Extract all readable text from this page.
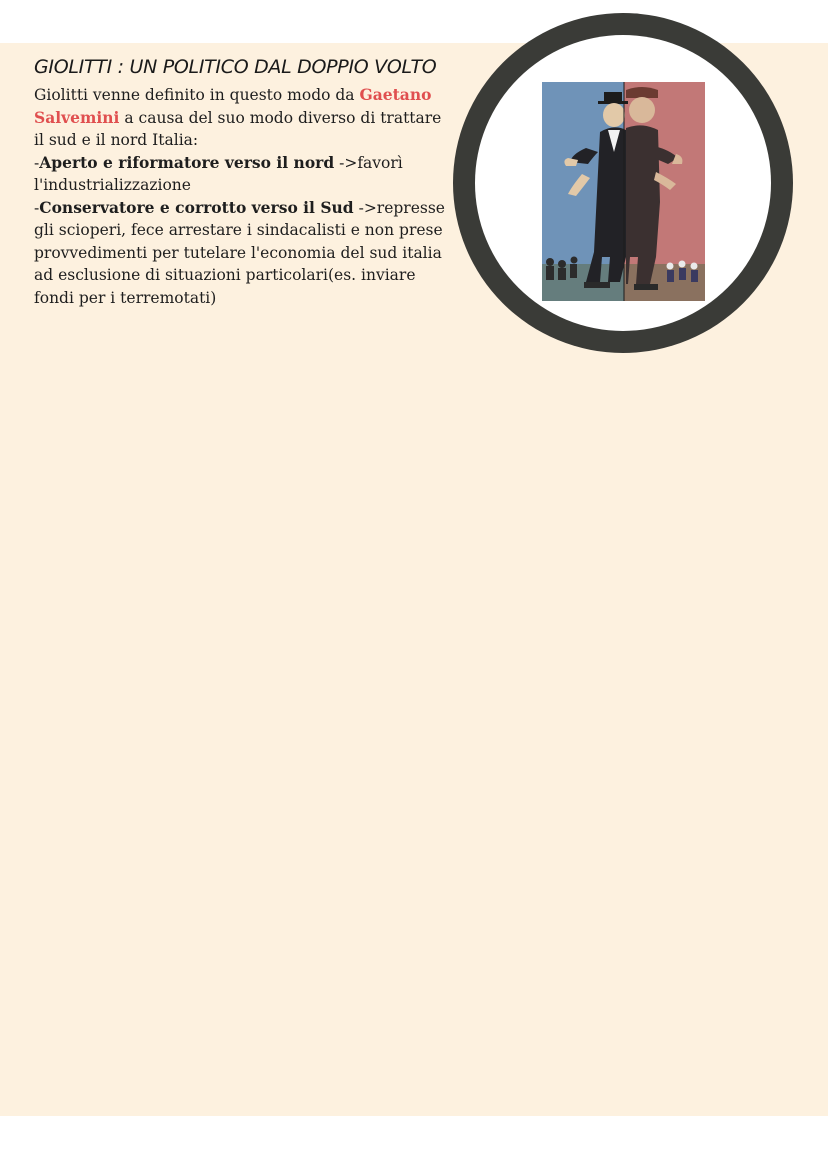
GIOLITTI : UN POLITICO DAL DOPPIO VOLTO

Giolitti venne definito in questo modo da Gaetano Salvemini a causa del suo modo diverso di trattare il sud e il nord Italia:

-Aperto e riformatore verso il nord ->favorì l'industrializzazione

-Conservatore e corrotto verso il Sud ->represse gli scioperi, fece arrestare i sindacalisti e non prese provvedimenti per tutelare l'economia del sud italia ad esclusione di situazioni particolari(es. inviare fondi per i terremotati)
